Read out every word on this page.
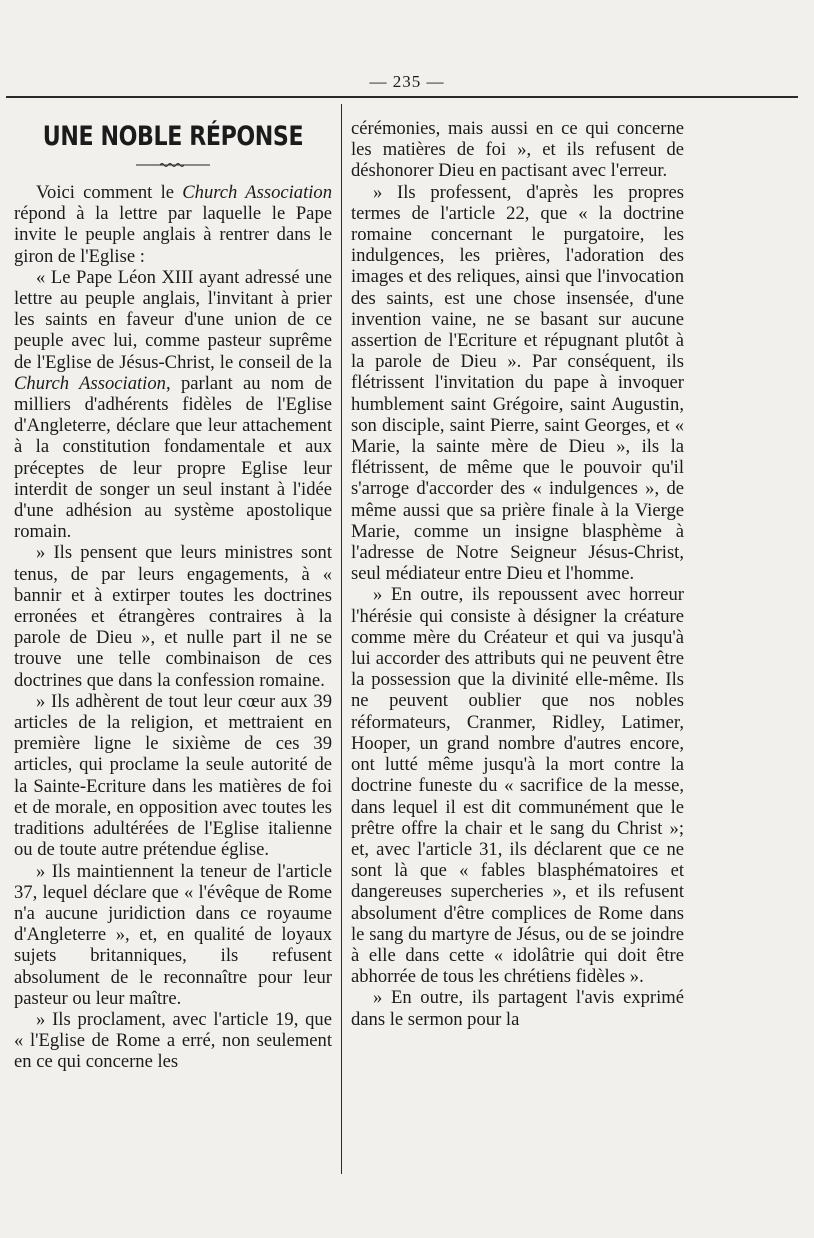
— 235 —
UNE NOBLE RÉPONSE

Voici comment le Church Association répond à la lettre par laquelle le Pape invite le peuple anglais à rentrer dans le giron de l'Eglise :

« Le Pape Léon XIII ayant adressé une lettre au peuple anglais, l'invitant à prier les saints en faveur d'une union de ce peuple avec lui, comme pasteur suprême de l'Eglise de Jésus-Christ, le conseil de la Church Association, parlant au nom de milliers d'adhérents fidèles de l'Eglise d'Angleterre, déclare que leur attachement à la constitution fondamentale et aux préceptes de leur propre Eglise leur interdit de songer un seul instant à l'idée d'une adhésion au système apostolique romain.

» Ils pensent que leurs ministres sont tenus, de par leurs engagements, à « bannir et à extirper toutes les doctrines erronées et étrangères contraires à la parole de Dieu », et nulle part il ne se trouve une telle combinaison de ces doctrines que dans la confession romaine.

» Ils adhèrent de tout leur cœur aux 39 articles de la religion, et mettraient en première ligne le sixième de ces 39 articles, qui proclame la seule autorité de la Sainte-Ecriture dans les matières de foi et de morale, en opposition avec toutes les traditions adultérées de l'Eglise italienne ou de toute autre prétendue église.

» Ils maintiennent la teneur de l'article 37, lequel déclare que « l'évêque de Rome n'a aucune juridiction dans ce royaume d'Angleterre », et, en qualité de loyaux sujets britanniques, ils refusent absolument de le reconnaître pour leur pasteur ou leur maître.

» Ils proclament, avec l'article 19, que « l'Eglise de Rome a erré, non seulement en ce qui concerne les

cérémonies, mais aussi en ce qui concerne les matières de foi », et ils refusent de déshonorer Dieu en pactisant avec l'erreur.

» Ils professent, d'après les propres termes de l'article 22, que « la doctrine romaine concernant le purgatoire, les indulgences, les prières, l'adoration des images et des reliques, ainsi que l'invocation des saints, est une chose insensée, d'une invention vaine, ne se basant sur aucune assertion de l'Ecriture et répugnant plutôt à la parole de Dieu ». Par conséquent, ils flétrissent l'invitation du pape à invoquer humblement saint Grégoire, saint Augustin, son disciple, saint Pierre, saint Georges, et « Marie, la sainte mère de Dieu », ils la flétrissent, de même que le pouvoir qu'il s'arroge d'accorder des « indulgences », de même aussi que sa prière finale à la Vierge Marie, comme un insigne blasphème à l'adresse de Notre Seigneur Jésus-Christ, seul médiateur entre Dieu et l'homme.

» En outre, ils repoussent avec horreur l'hérésie qui consiste à désigner la créature comme mère du Créateur et qui va jusqu'à lui accorder des attributs qui ne peuvent être la possession que la divinité elle-même. Ils ne peuvent oublier que nos nobles réformateurs, Cranmer, Ridley, Latimer, Hooper, un grand nombre d'autres encore, ont lutté même jusqu'à la mort contre la doctrine funeste du « sacrifice de la messe, dans lequel il est dit communément que le prêtre offre la chair et le sang du Christ »; et, avec l'article 31, ils déclarent que ce ne sont là que « fables blasphématoires et dangereuses supercheries », et ils refusent absolument d'être complices de Rome dans le sang du martyre de Jésus, ou de se joindre à elle dans cette « idolâtrie qui doit être abhorrée de tous les chrétiens fidèles ».

» En outre, ils partagent l'avis exprimé dans le sermon pour la
